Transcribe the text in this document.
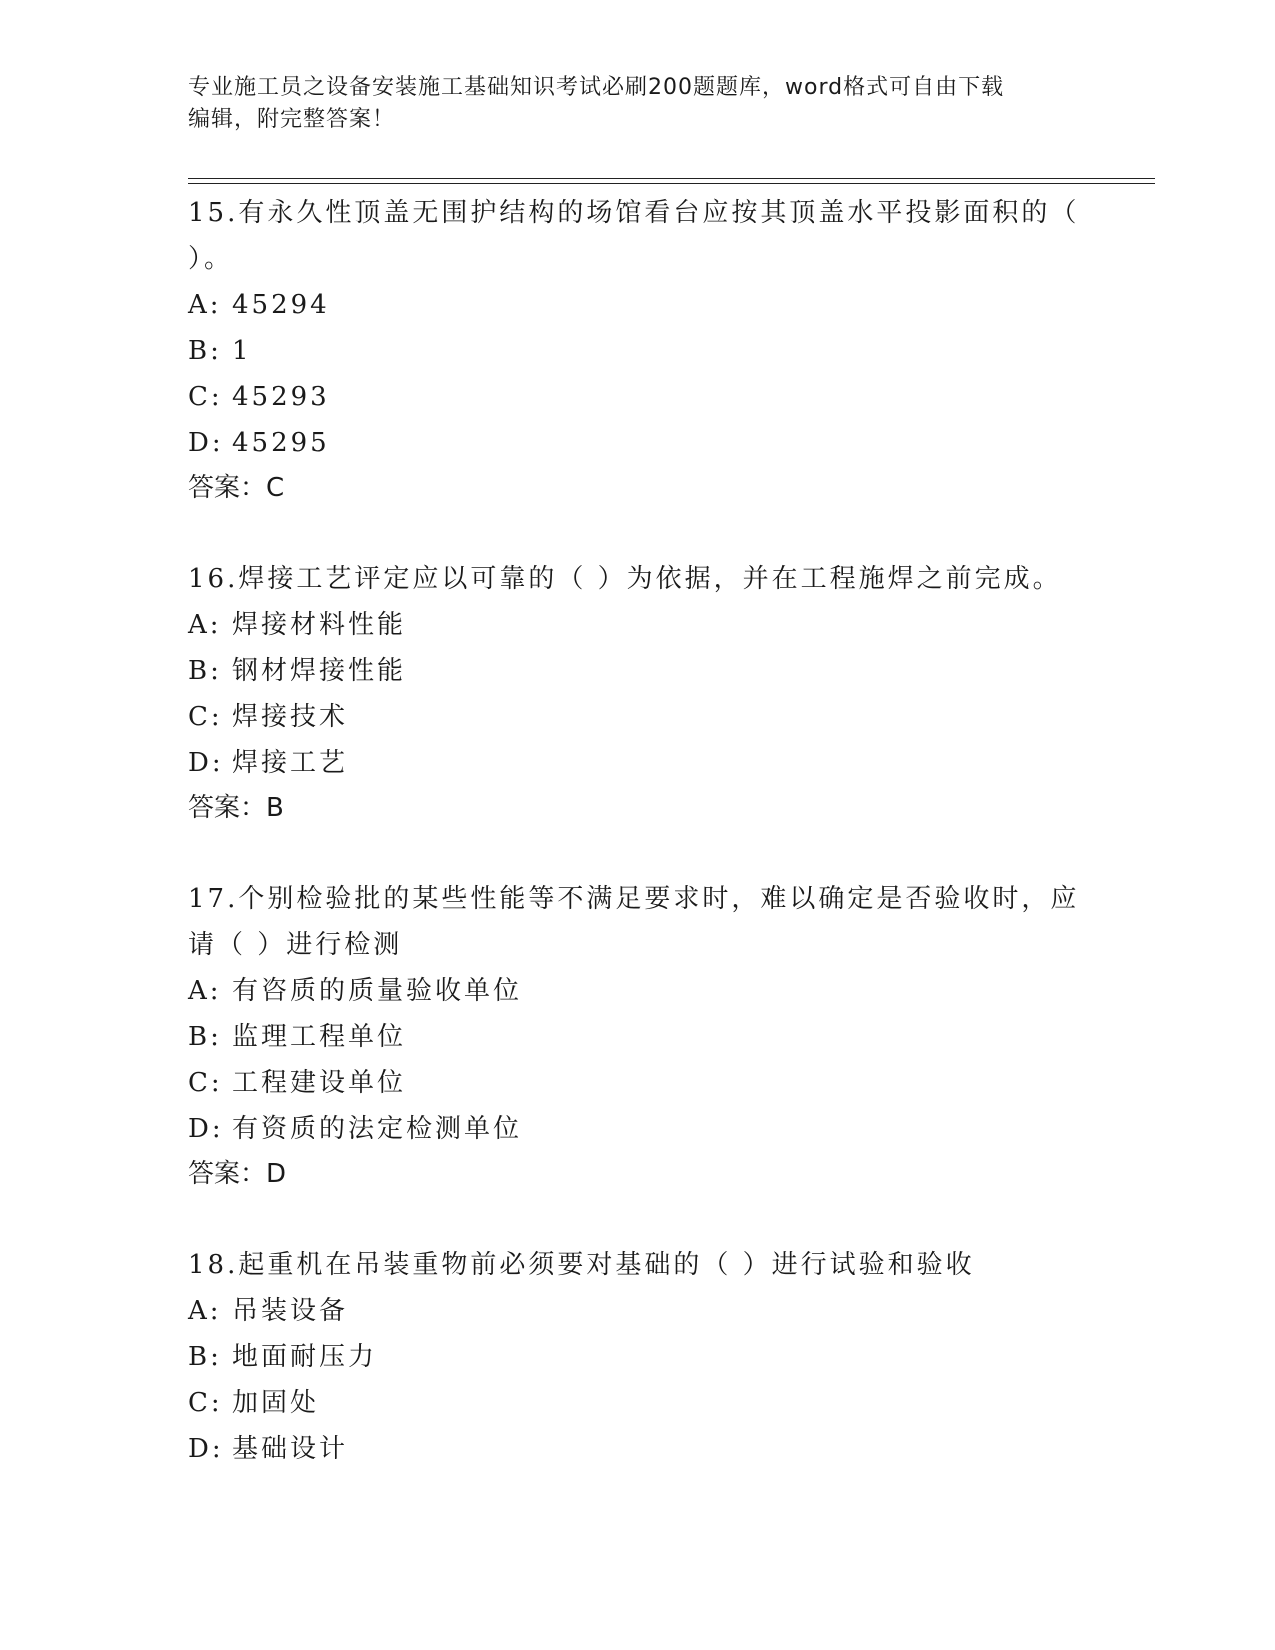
专业施工员之设备安装施工基础知识考试必刷200题题库，word格式可自由下载
编辑，附完整答案！

15.有永久性顶盖无围护结构的场馆看台应按其顶盖水平投影面积的（

）。

A: 45294

B: 1

C: 45293

D: 45295

答案：C

16.焊接工艺评定应以可靠的（ ）为依据，并在工程施焊之前完成。

A: 焊接材料性能

B: 钢材焊接性能

C: 焊接技术

D: 焊接工艺

答案：B

17.个别检验批的某些性能等不满足要求时，难以确定是否验收时，应

请（ ）进行检测

A: 有咨质的质量验收单位

B: 监理工程单位

C: 工程建设单位

D: 有资质的法定检测单位

答案：D

18.起重机在吊装重物前必须要对基础的（ ）进行试验和验收

A: 吊装设备

B: 地面耐压力

C: 加固处

D: 基础设计
